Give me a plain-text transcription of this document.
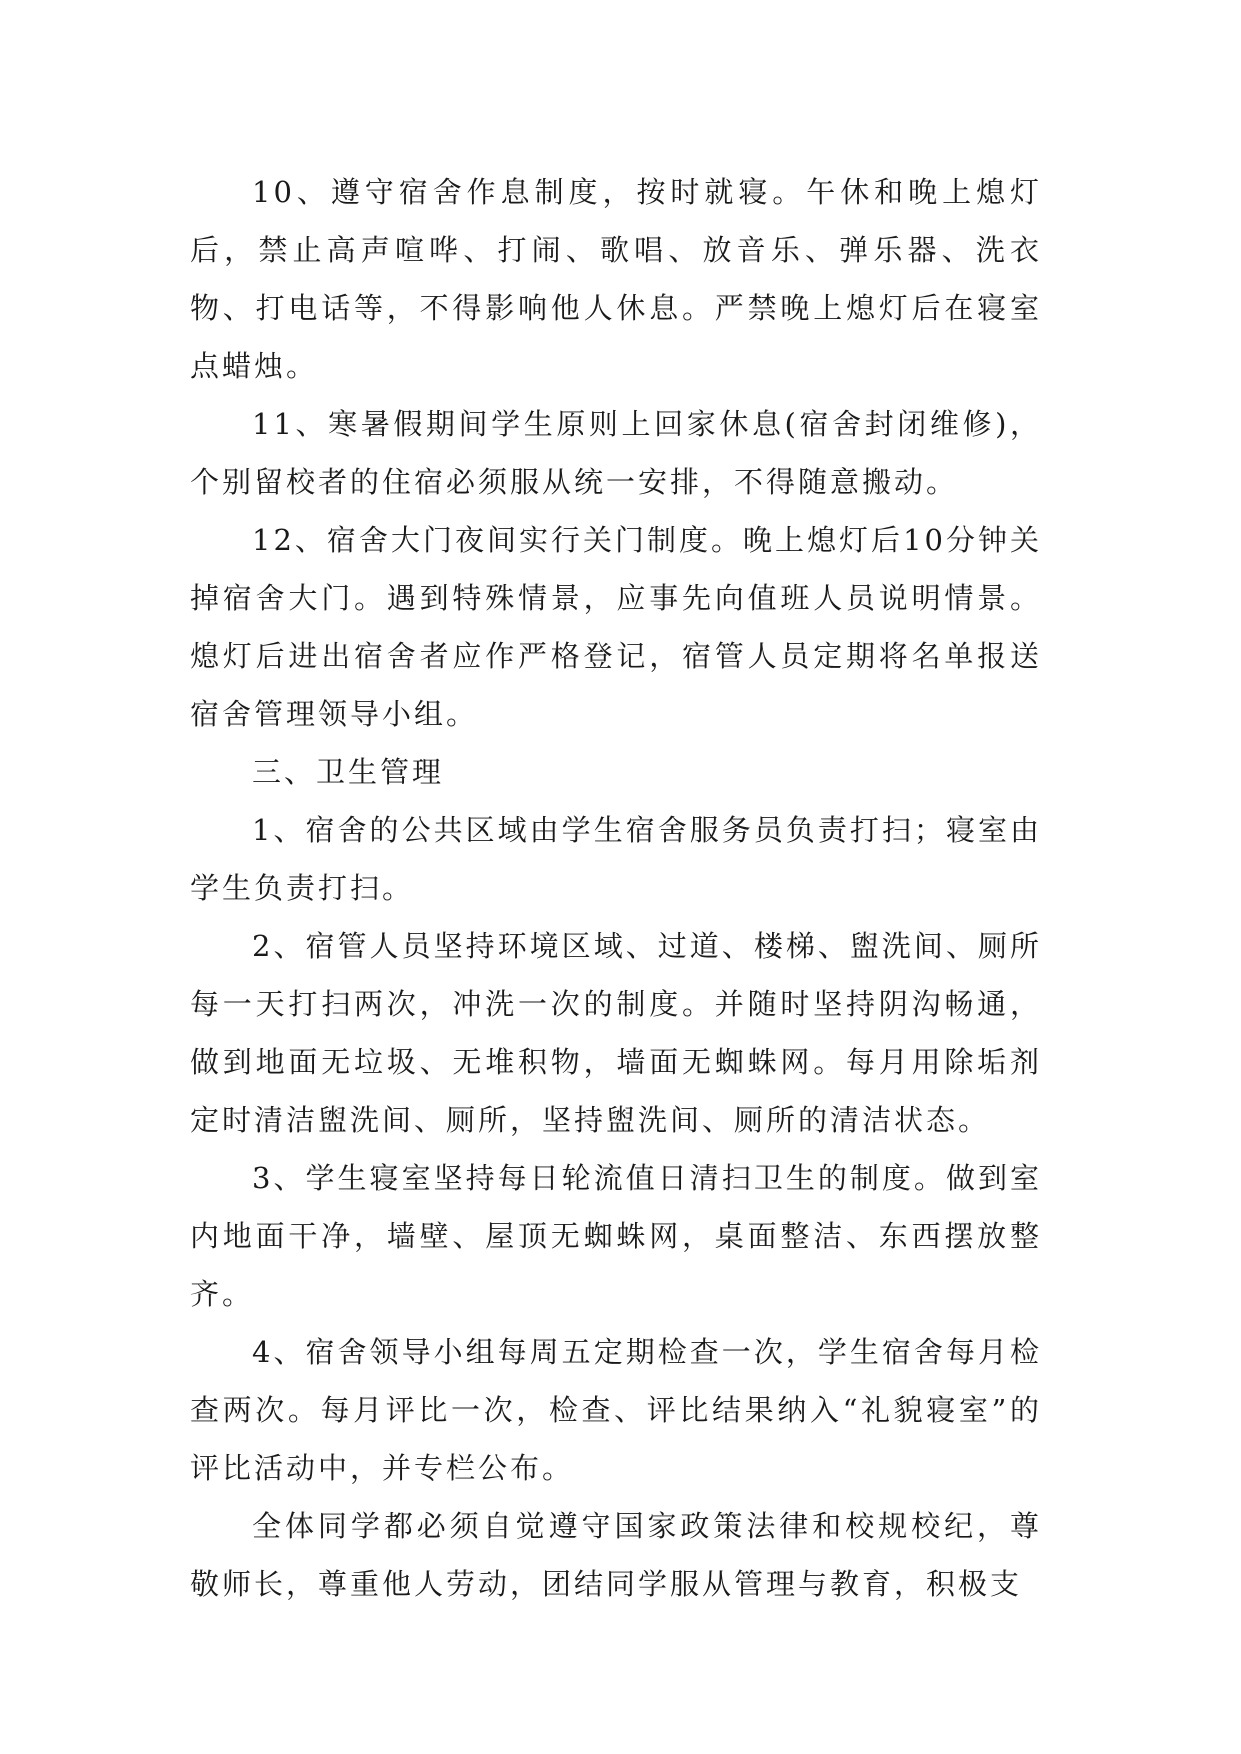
10、遵守宿舍作息制度，按时就寝。午休和晚上熄灯后，禁止高声喧哗、打闹、歌唱、放音乐、弹乐器、洗衣物、打电话等，不得影响他人休息。严禁晚上熄灯后在寝室点蜡烛。

11、寒暑假期间学生原则上回家休息(宿舍封闭维修)，个别留校者的住宿必须服从统一安排，不得随意搬动。

12、宿舍大门夜间实行关门制度。晚上熄灯后10分钟关掉宿舍大门。遇到特殊情景，应事先向值班人员说明情景。熄灯后进出宿舍者应作严格登记，宿管人员定期将名单报送宿舍管理领导小组。

三、卫生管理

1、宿舍的公共区域由学生宿舍服务员负责打扫；寝室由学生负责打扫。

2、宿管人员坚持环境区域、过道、楼梯、盥洗间、厕所每一天打扫两次，冲洗一次的制度。并随时坚持阴沟畅通，做到地面无垃圾、无堆积物，墙面无蜘蛛网。每月用除垢剂定时清洁盥洗间、厕所，坚持盥洗间、厕所的清洁状态。

3、学生寝室坚持每日轮流值日清扫卫生的制度。做到室内地面干净，墙壁、屋顶无蜘蛛网，桌面整洁、东西摆放整齐。

4、宿舍领导小组每周五定期检查一次，学生宿舍每月检查两次。每月评比一次，检查、评比结果纳入“礼貌寝室”的评比活动中，并专栏公布。

全体同学都必须自觉遵守国家政策法律和校规校纪，尊敬师长，尊重他人劳动，团结同学服从管理与教育，积极支
